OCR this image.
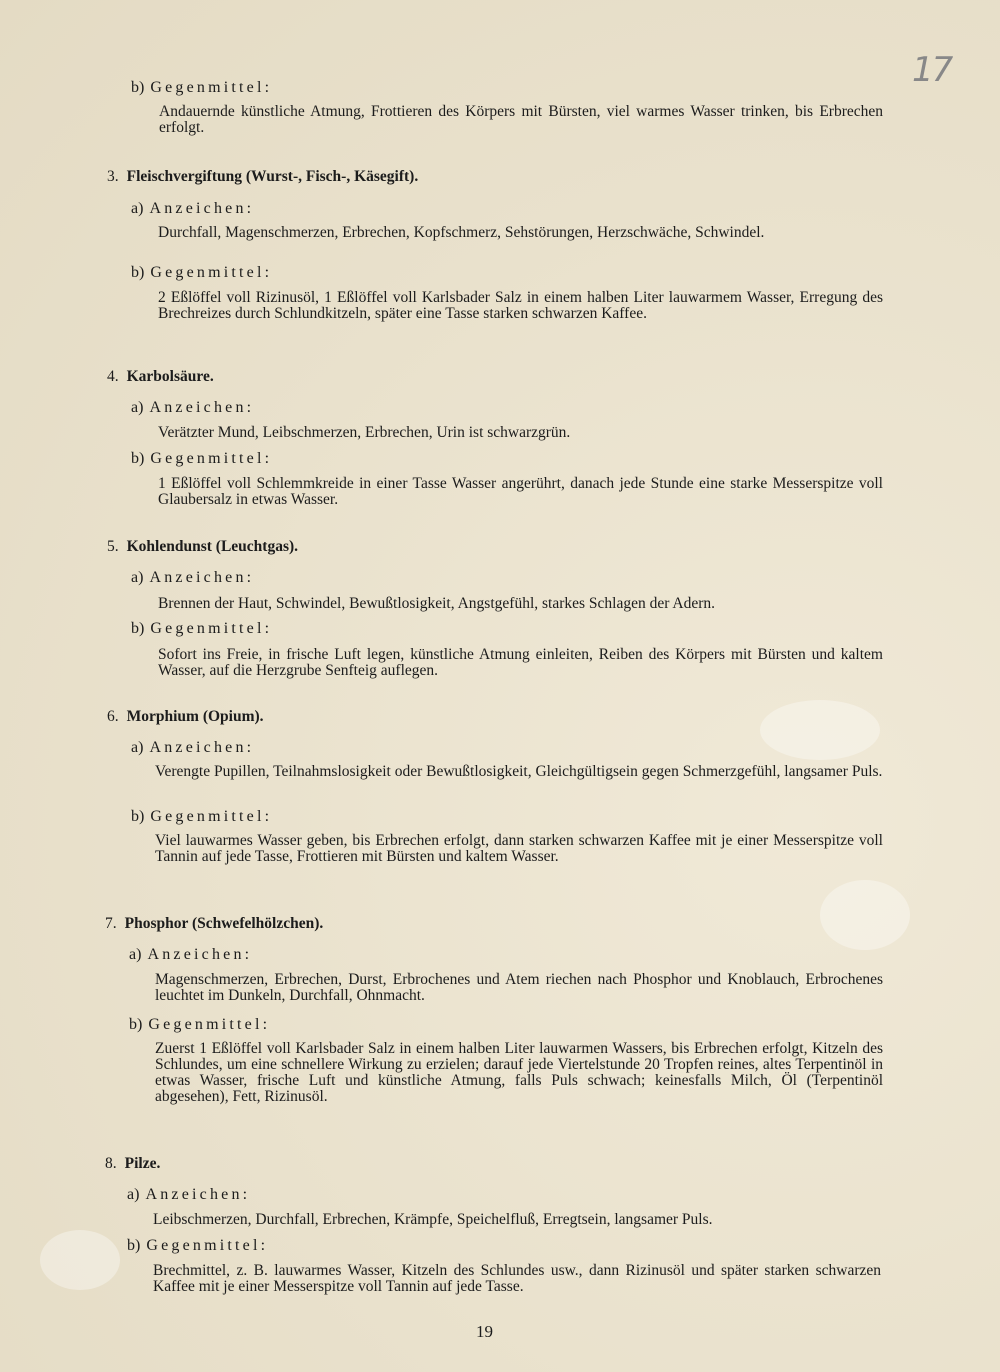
17
b) Gegenmittel:
Andauernde künstliche Atmung, Frottieren des Körpers mit Bürsten, viel warmes Wasser trinken, bis Erbrechen erfolgt.
3. Fleischvergiftung (Wurst-, Fisch-, Käsegift).
a) Anzeichen:
Durchfall, Magenschmerzen, Erbrechen, Kopfschmerz, Sehstörungen, Herzschwäche, Schwindel.
b) Gegenmittel:
2 Eßlöffel voll Rizinusöl, 1 Eßlöffel voll Karlsbader Salz in einem halben Liter lauwarmem Wasser, Erregung des Brechreizes durch Schlundkitzeln, später eine Tasse starken schwarzen Kaffee.
4. Karbolsäure.
a) Anzeichen:
Verätzter Mund, Leibschmerzen, Erbrechen, Urin ist schwarzgrün.
b) Gegenmittel:
1 Eßlöffel voll Schlemmkreide in einer Tasse Wasser angerührt, danach jede Stunde eine starke Messerspitze voll Glaubersalz in etwas Wasser.
5. Kohlendunst (Leuchtgas).
a) Anzeichen:
Brennen der Haut, Schwindel, Bewußtlosigkeit, Angstgefühl, starkes Schlagen der Adern.
b) Gegenmittel:
Sofort ins Freie, in frische Luft legen, künstliche Atmung einleiten, Reiben des Körpers mit Bürsten und kaltem Wasser, auf die Herzgrube Senfteig auflegen.
6. Morphium (Opium).
a) Anzeichen:
Verengte Pupillen, Teilnahmslosigkeit oder Bewußtlosigkeit, Gleichgültigsein gegen Schmerzgefühl, langsamer Puls.
b) Gegenmittel:
Viel lauwarmes Wasser geben, bis Erbrechen erfolgt, dann starken schwarzen Kaffee mit je einer Messerspitze voll Tannin auf jede Tasse, Frottieren mit Bürsten und kaltem Wasser.
7. Phosphor (Schwefelhölzchen).
a) Anzeichen:
Magenschmerzen, Erbrechen, Durst, Erbrochenes und Atem riechen nach Phosphor und Knoblauch, Erbrochenes leuchtet im Dunkeln, Durchfall, Ohnmacht.
b) Gegenmittel:
Zuerst 1 Eßlöffel voll Karlsbader Salz in einem halben Liter lauwarmen Wassers, bis Erbrechen erfolgt, Kitzeln des Schlundes, um eine schnellere Wirkung zu erzielen; darauf jede Viertelstunde 20 Tropfen reines, altes Terpentinöl in etwas Wasser, frische Luft und künstliche Atmung, falls Puls schwach; keinesfalls Milch, Öl (Terpentinöl abgesehen), Fett, Rizinusöl.
8. Pilze.
a) Anzeichen:
Leibschmerzen, Durchfall, Erbrechen, Krämpfe, Speichelfluß, Erregtsein, langsamer Puls.
b) Gegenmittel:
Brechmittel, z. B. lauwarmes Wasser, Kitzeln des Schlundes usw., dann Rizinusöl und später starken schwarzen Kaffee mit je einer Messerspitze voll Tannin auf jede Tasse.
19
